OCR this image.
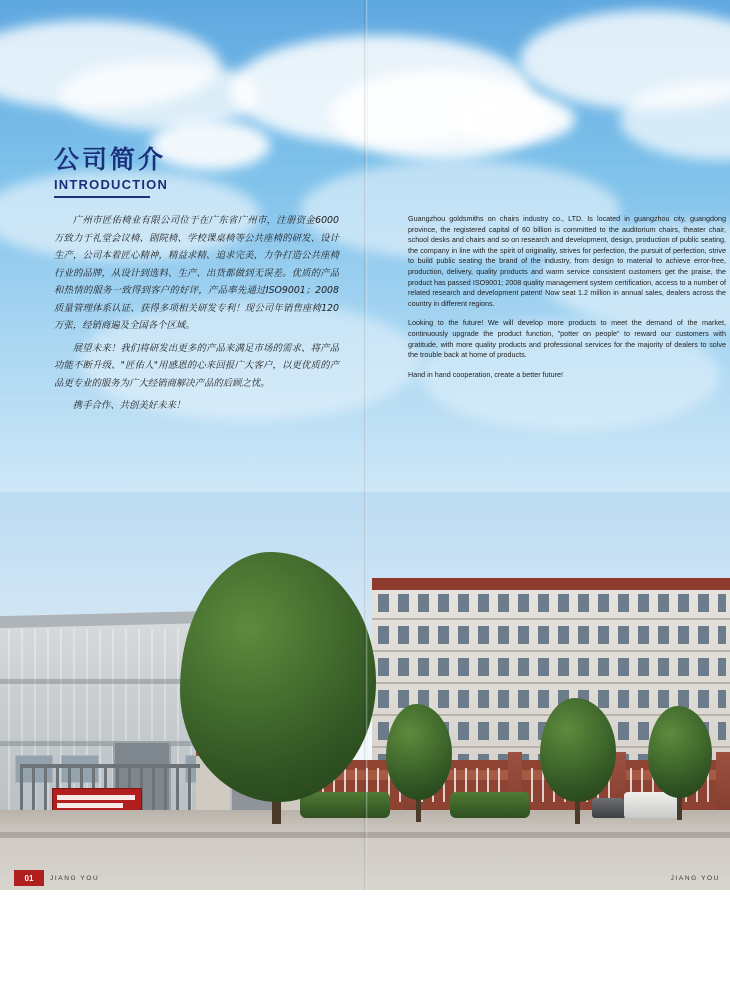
公司简介
INTRODUCTION

广州市匠佑椅业有限公司位于在广东省广州市，注册资金6000万致力于礼堂会议椅、剧院椅、学校课桌椅等公共座椅的研发、设计生产，公司本着匠心精神，精益求精、追求完美，力争打造公共座椅行业的品牌，从设计到选料、生产、出货都做到无误差。优质的产品和热情的服务一致得到客户的好评，产品率先通过ISO9001；2008质量管理体系认证、获得多项相关研发专利！现公司年销售座椅120万张，经销商遍及全国各个区域。

展望未来！我们将研发出更多的产品来满足市场的需求、将产品功能不断升级、"匠佑人"用感恩的心来回报广大客户，以更优质的产品更专业的服务为广大经销商解决产品的后顾之忧。

携手合作、共创美好未来！

Guangzhou goldsmiths on chairs industry co., LTD. Is located in guangzhou city, guangdong province, the registered capital of 60 billion is committed to the auditorium chairs, theater chair, school desks and chairs and so on research and development, design, production of public seating, the company in line with the spirit of originality, strives for perfection, the pursuit of perfection, strive to build public seating the brand of the industry, from design to material to achieve error-free, production, delivery, quality products and warm service consistent customers get the praise, the product has passed ISO9001; 2008 quality management system certification, access to a number of related research and development patent! Now seat 1.2 million in annual sales, dealers across the country in different regions.

Looking to the future! We will develop more products to meet the demand of the market, continuously upgrade the product function, "potter on people" to reward our customers with gratitude, with more quality products and professional services for the majority of dealers to solve the trouble back at home of products.

Hand in hand cooperation, create a better future!

01	JIANG YOU	JIANG YOU
